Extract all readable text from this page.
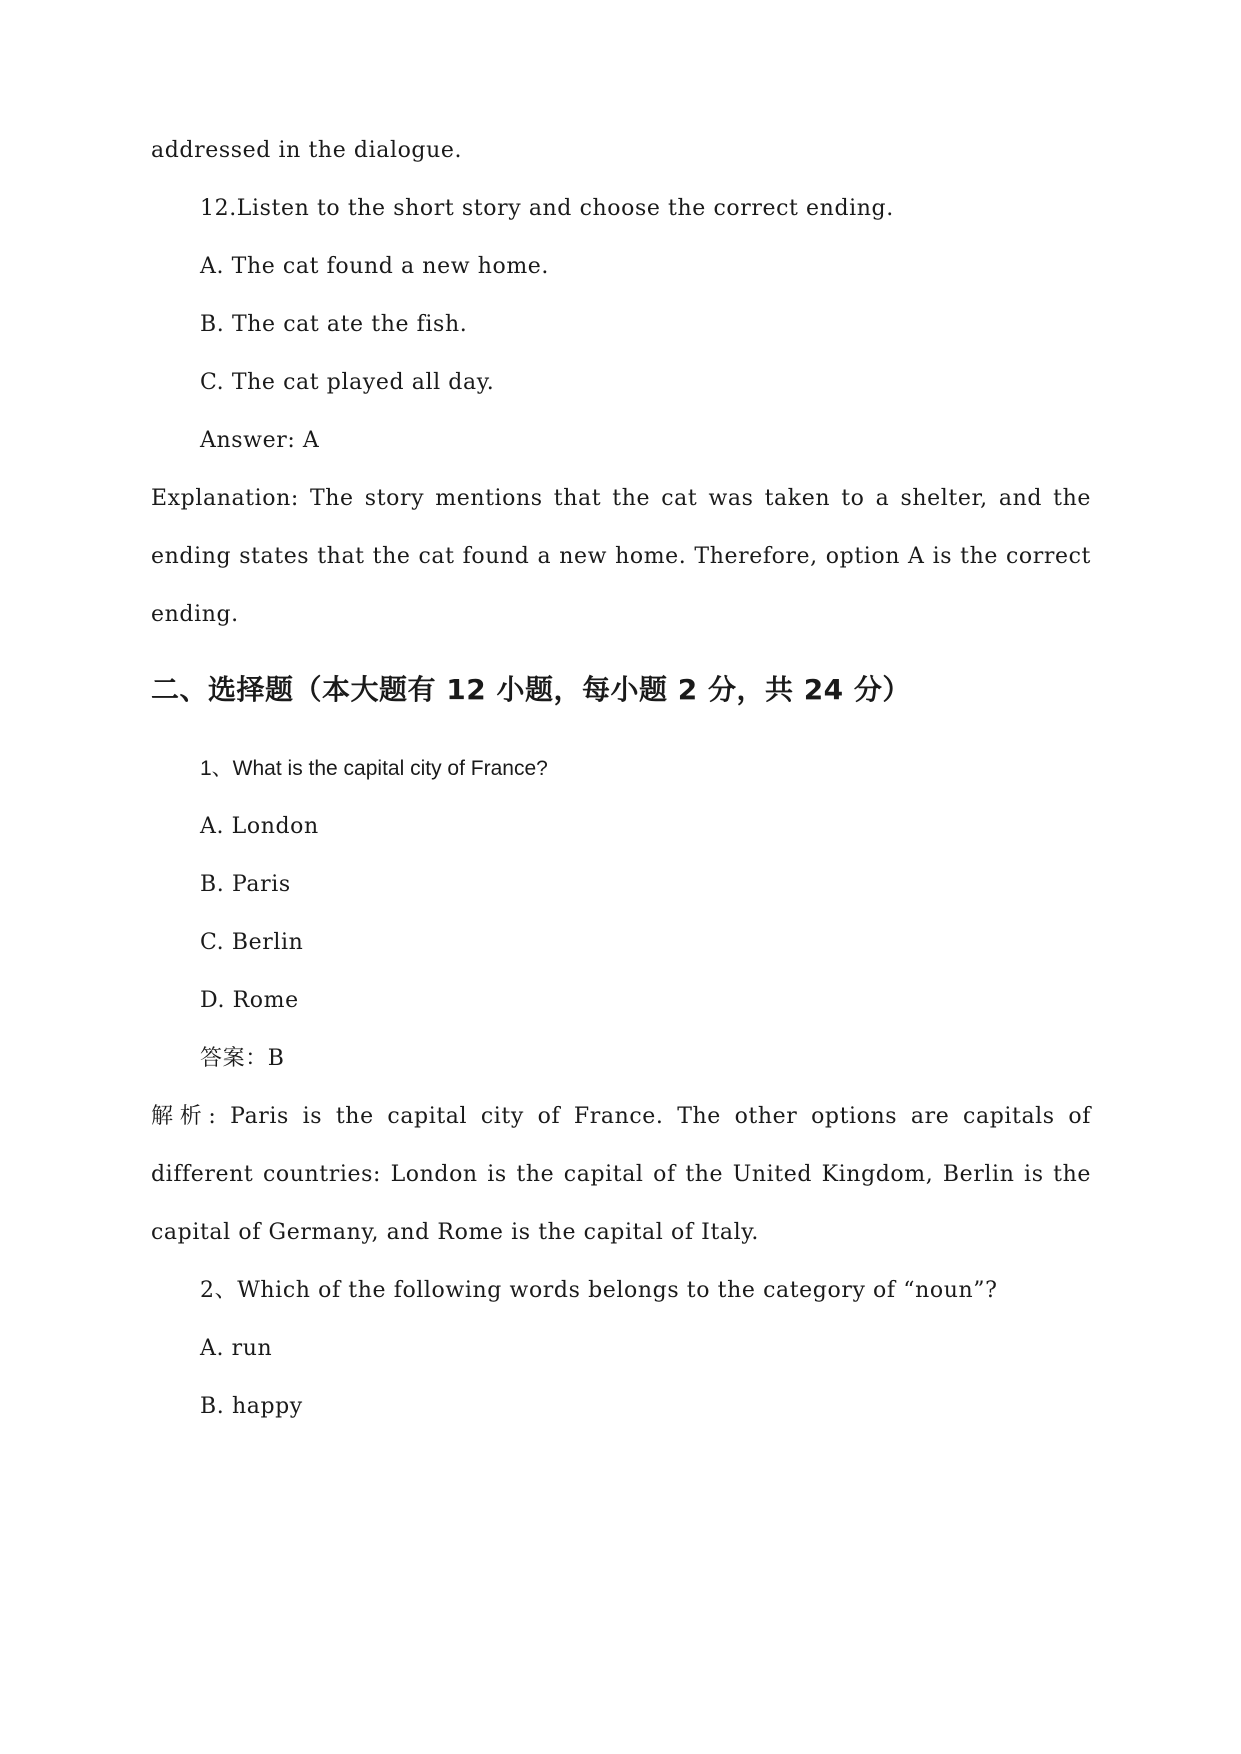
addressed in the dialogue.
12.Listen to the short story and choose the correct ending.
A. The cat found a new home.
B. The cat ate the fish.
C. The cat played all day.
Answer: A
Explanation: The story mentions that the cat was taken to a shelter, and the
ending states that the cat found a new home. Therefore, option A is the correct
ending.
二、选择题（本大题有 12 小题，每小题 2 分，共 24 分）
1、What is the capital city of France?
A. London
B. Paris
C. Berlin
D. Rome
答案：B
解析: Paris is the capital city of France. The other options are capitals of
different countries: London is the capital of the United Kingdom, Berlin is the
capital of Germany, and Rome is the capital of Italy.
2、Which of the following words belongs to the category of “noun”?
A. run
B. happy
